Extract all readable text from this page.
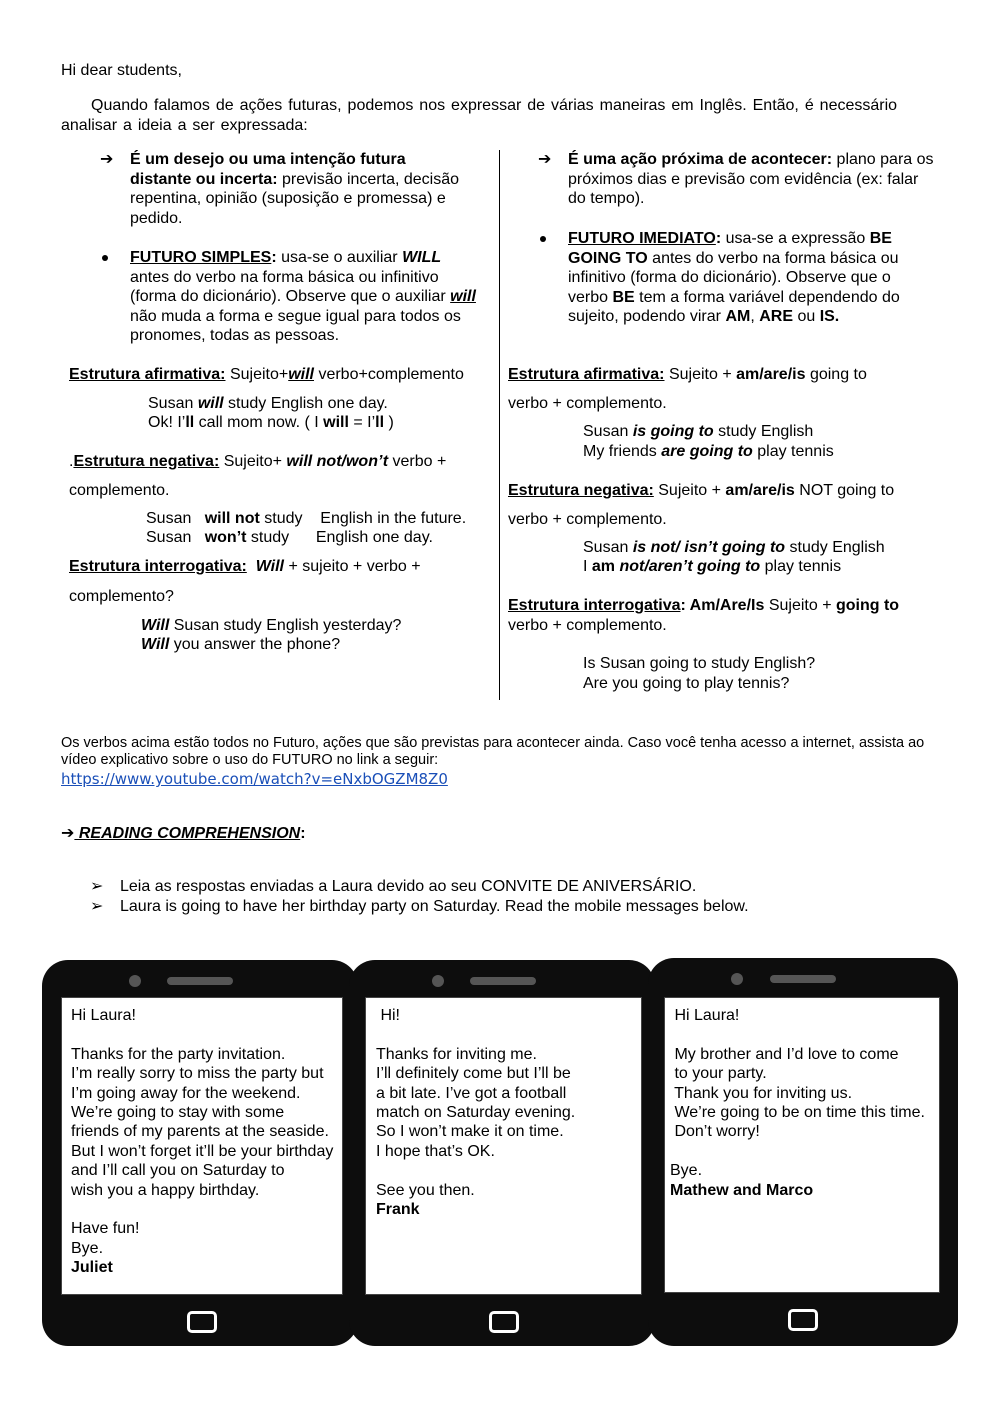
Hi dear students,

Quando falamos de ações futuras, podemos nos expressar de várias maneiras em Inglês. Então, é necessário analisar a ideia a ser expressada:

➔ É um desejo ou uma intenção futura distante ou incerta: previsão incerta, decisão repentina, opinião (suposição e promessa) e pedido.

FUTURO SIMPLES: usa-se o auxiliar WILL antes do verbo na forma básica ou infinitivo (forma do dicionário). Observe que o auxiliar will não muda a forma e segue igual para todos os pronomes, todas as pessoas.

Estrutura afirmativa: Sujeito+will verbo+complemento

Susan will study English one day.

Ok! I’ll call mom now. ( I will = I’ll )

.Estrutura negativa: Sujeito+ will not/won’t verbo +

complemento.

Susan   will not study    English in the future.

Susan   won’t study      English one day.

Estrutura interrogativa: Will + sujeito + verbo +

complemento?

Will Susan study English yesterday?

Will you answer the phone?

➔ É uma ação próxima de acontecer: plano para os próximos dias e previsão com evidência (ex: falar do tempo).

FUTURO IMEDIATO: usa-se a expressão BE GOING TO antes do verbo na forma básica ou infinitivo (forma do dicionário). Observe que o verbo BE tem a forma variável dependendo do sujeito, podendo virar AM, ARE ou IS.

Estrutura afirmativa: Sujeito + am/are/is going to

verbo + complemento.

Susan is going to study English

My friends are going to play tennis

Estrutura negativa: Sujeito + am/are/is NOT going to

verbo + complemento.

Susan is not/ isn’t going to study English

I am not/aren’t going to play tennis

Estrutura interrogativa: Am/Are/Is Sujeito + going to

verbo + complemento.

Is Susan going to study English?

Are you going to play tennis?

Os verbos acima estão todos no Futuro, ações que são previstas para acontecer ainda. Caso você tenha acesso a internet, assista ao vídeo explicativo sobre o uso do FUTURO no link a seguir:

https://www.youtube.com/watch?v=eNxbOGZM8Z0

➔ READING COMPREHENSION:

➢ Leia as respostas enviadas a Laura devido ao seu CONVITE DE ANIVERSÁRIO.

➢ Laura is going to have her birthday party on Saturday. Read the mobile messages below.

Hi Laura!

Thanks for the party invitation.
I’m really sorry to miss the party but
I’m going away for the weekend.
We’re going to stay with some
friends of my parents at the seaside.
But I won’t forget it’ll be your birthday
and I’ll call you on Saturday to
wish you a happy birthday.

Have fun!
Bye.
Juliet
Hi!

Thanks for inviting me.
I’ll definitely come but I’ll be
a bit late. I’ve got a football
match on Saturday evening.
So I won’t make it on time.
I hope that’s OK.

See you then.
Frank
Hi Laura!

My brother and I’d love to come
to your party.
Thank you for inviting us.
We’re going to be on time this time.
Don’t worry!

Bye.
Mathew and Marco
